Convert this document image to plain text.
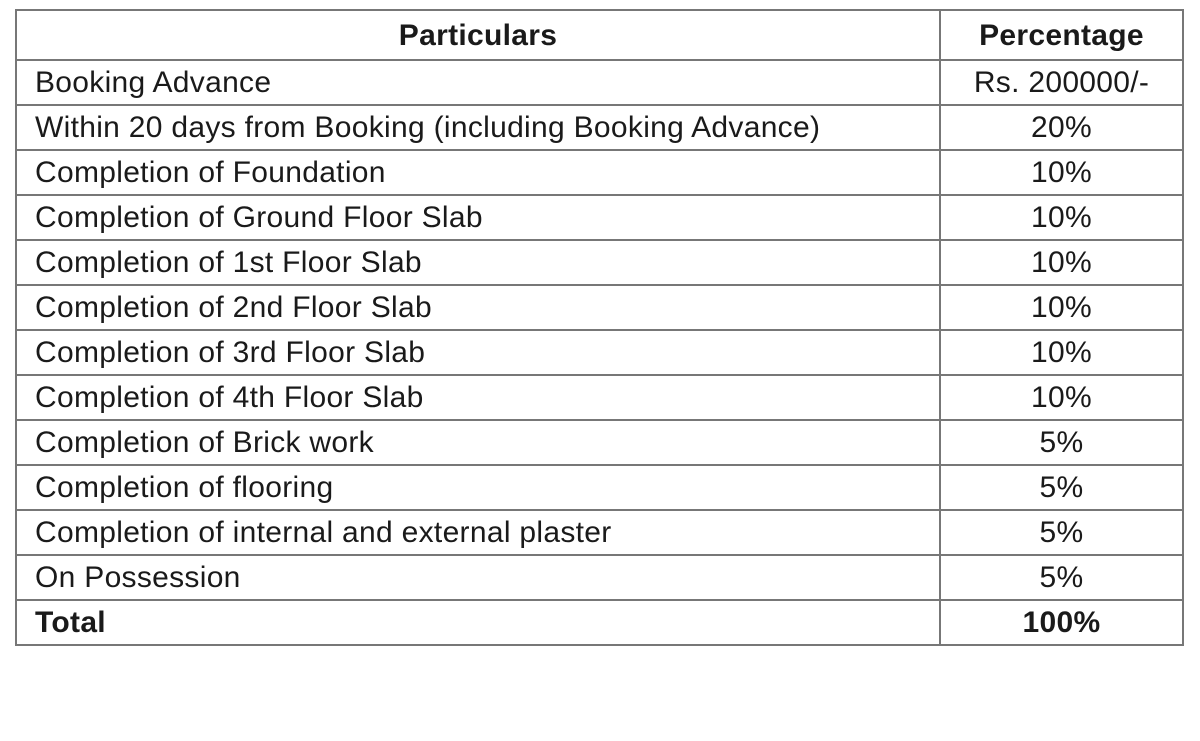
Particulars	Percentage
Booking Advance	Rs. 200000/-
Within 20 days from Booking (including Booking Advance)	20%
Completion of Foundation	10%
Completion of Ground Floor Slab	10%
Completion of 1st Floor Slab	10%
Completion of 2nd Floor Slab	10%
Completion of 3rd Floor Slab	10%
Completion of 4th Floor Slab	10%
Completion of Brick work	5%
Completion of flooring	5%
Completion of internal and external plaster	5%
On Possession	5%
Total	100%
